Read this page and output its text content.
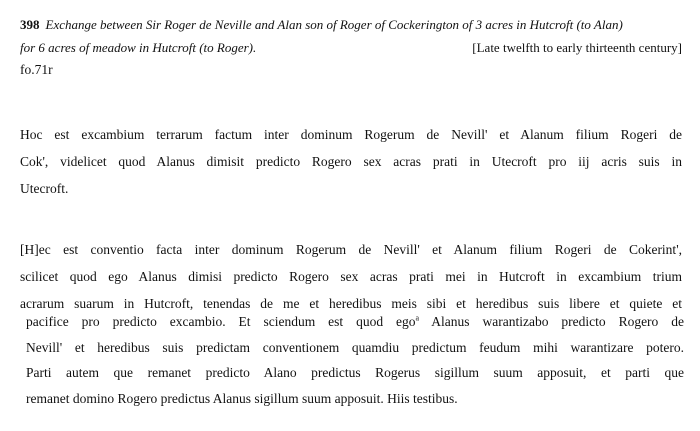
398 Exchange between Sir Roger de Neville and Alan son of Roger of Cockerington of 3 acres in Hutcroft (to Alan)
for 6 acres of meadow in Hutcroft (to Roger).	[Late twelfth to early thirteenth century]
fo.71r
Hoc est excambium terrarum factum inter dominum Rogerum de Nevill' et Alanum filium Rogeri de
Cok', videlicet quod Alanus dimisit predicto Rogero sex acras prati in Utecroft pro iij acris suis in
Utecroft.
[H]ec est conventio facta inter dominum Rogerum de Nevill' et Alanum filium Rogeri de Cokerint',
scilicet quod ego Alanus dimisi predicto Rogero sex acras prati mei in Hutcroft in excambium trium
acrarum suarum in Hutcroft, tenendas de me et heredibus meis sibi et heredibus suis libere et quiete et
pacifice pro predicto excambio. Et sciendum est quod ego$^a$ Alanus warantizabo predicto Rogero de
Nevill' et heredibus suis predictam conventionem quamdiu predictum feudum mihi warantizare potero.
Parti autem que remanet predicto Alano predictus Rogerus sigillum suum apposuit, et parti que
remanet domino Rogero predictus Alanus sigillum suum apposuit. Hiis testibus.
